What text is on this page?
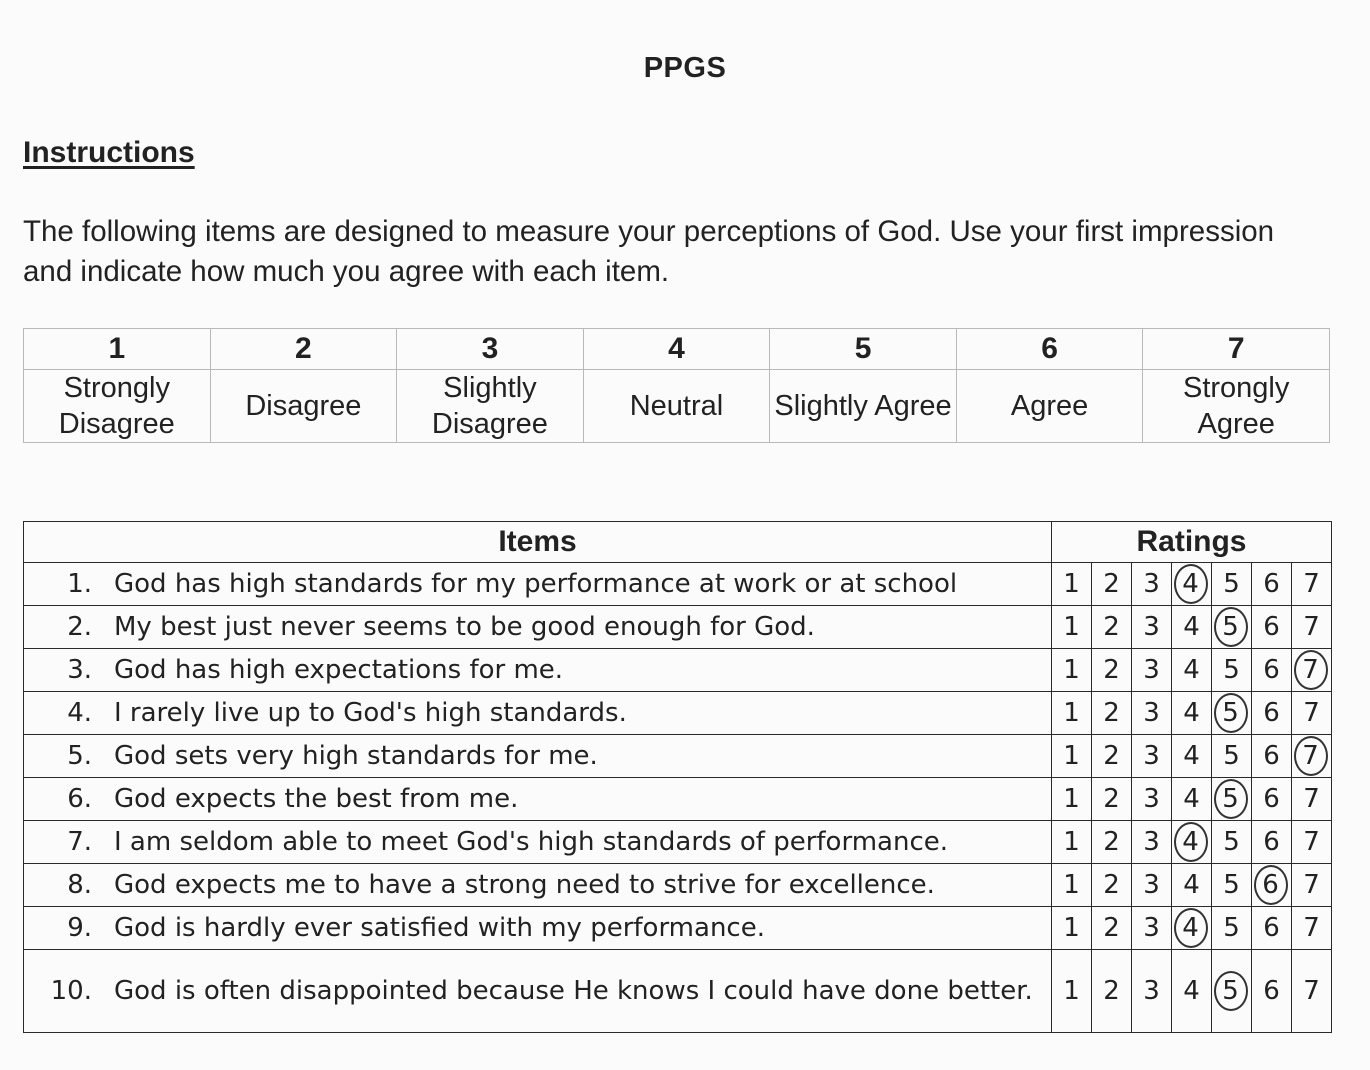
PPGS
Instructions
The following items are designed to measure your perceptions of God. Use your first impression and indicate how much you agree with each item.
1	2	3	4	5	6	7
Strongly Disagree	Disagree	Slightly Disagree	Neutral	Slightly Agree	Agree	Strongly Agree
Items	Ratings						

1. God has high standards for my performance at work or at school	1	2	3	4	5	6	7

2. My best just never seems to be good enough for God.	1	2	3	4	5	6	7

3. God has high expectations for me.	1	2	3	4	5	6	7

4. I rarely live up to God's high standards.	1	2	3	4	5	6	7

5. God sets very high standards for me.	1	2	3	4	5	6	7

6. God expects the best from me.	1	2	3	4	5	6	7

7. I am seldom able to meet God's high standards of performance.	1	2	3	4	5	6	7

8. God expects me to have a strong need to strive for excellence.	1	2	3	4	5	6	7

9. God is hardly ever satisfied with my performance.	1	2	3	4	5	6	7

10. God is often disappointed because He knows I could have done better.	1	2	3	4	5	6	7
